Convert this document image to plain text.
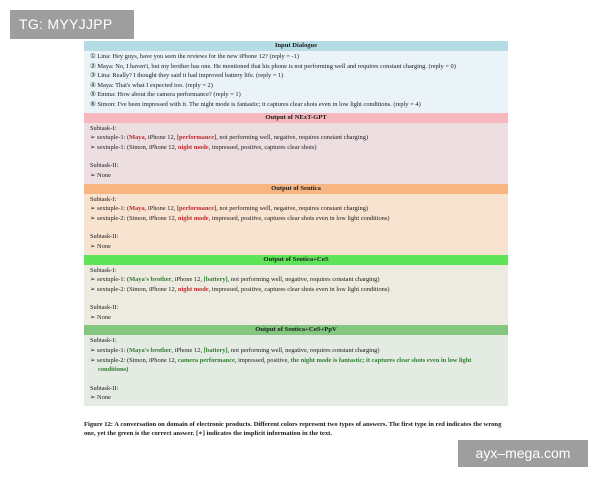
TG: MYYJJPP
Input Dialogue
① Lina: Hey guys, have you seen the reviews for the new iPhone 12? (reply = -1)
② Maya: No, I haven't, but my brother has one. He mentioned that his phone is not performing well and requires constant charging. (reply = 0)
③ Lina: Really? I thought they said it had improved battery life. (reply = 1)
④ Maya: That's what I expected too. (reply = 2)
⑤ Emma: How about the camera performance? (reply = 1)
⑥ Simon: I've been impressed with it. The night mode is fantastic; it captures clear shots even in low light conditions. (reply = 4)
Output of NExT-GPT
Subtask-I:
➢ sextuple-1: (Maya, iPhone 12, [performance], not performing well, negative, requires constant charging)
➢ sextuple-1: (Simon, iPhone 12, night mode, impressed, positive, captures clear shots)
Subtask-II:
➢ None
Output of Sentica
Subtask-I:
➢ sextuple-1: (Maya, iPhone 12, [performance], not performing well, negative, requires constant charging)
➢ sextuple-2: (Simon, iPhone 12, night mode, impressed, positive, captures clear shots even in low light conditions)
Subtask-II:
➢ None
Output of Sentica+CoS
Subtask-I:
➢ sextuple-1: (Maya's brother, iPhone 12, [battery], not performing well, negative, requires constant charging)
➢ sextuple-2: (Simon, iPhone 12, night mode, impressed, positive, captures clear shots even in low light conditions)
Subtask-II:
➢ None
Output of Sentica+CoS+PpV
Subtask-I:
➢ sextuple-1: (Maya's brother, iPhone 12, [battery], not performing well, negative, requires constant charging)
➢ sextuple-2: (Simon, iPhone 12, camera performance, impressed, positive, the night mode is fantastic; it captures clear shots even in low light conditions)
Subtask-II:
➢ None
Figure 12: A conversation on domain of electronic products. Different colors represent two types of answers. The first type in red indicates the wrong one, yet the green is the correct answer. [∗] indicates the implicit information in the text.
ayx–mega.com
